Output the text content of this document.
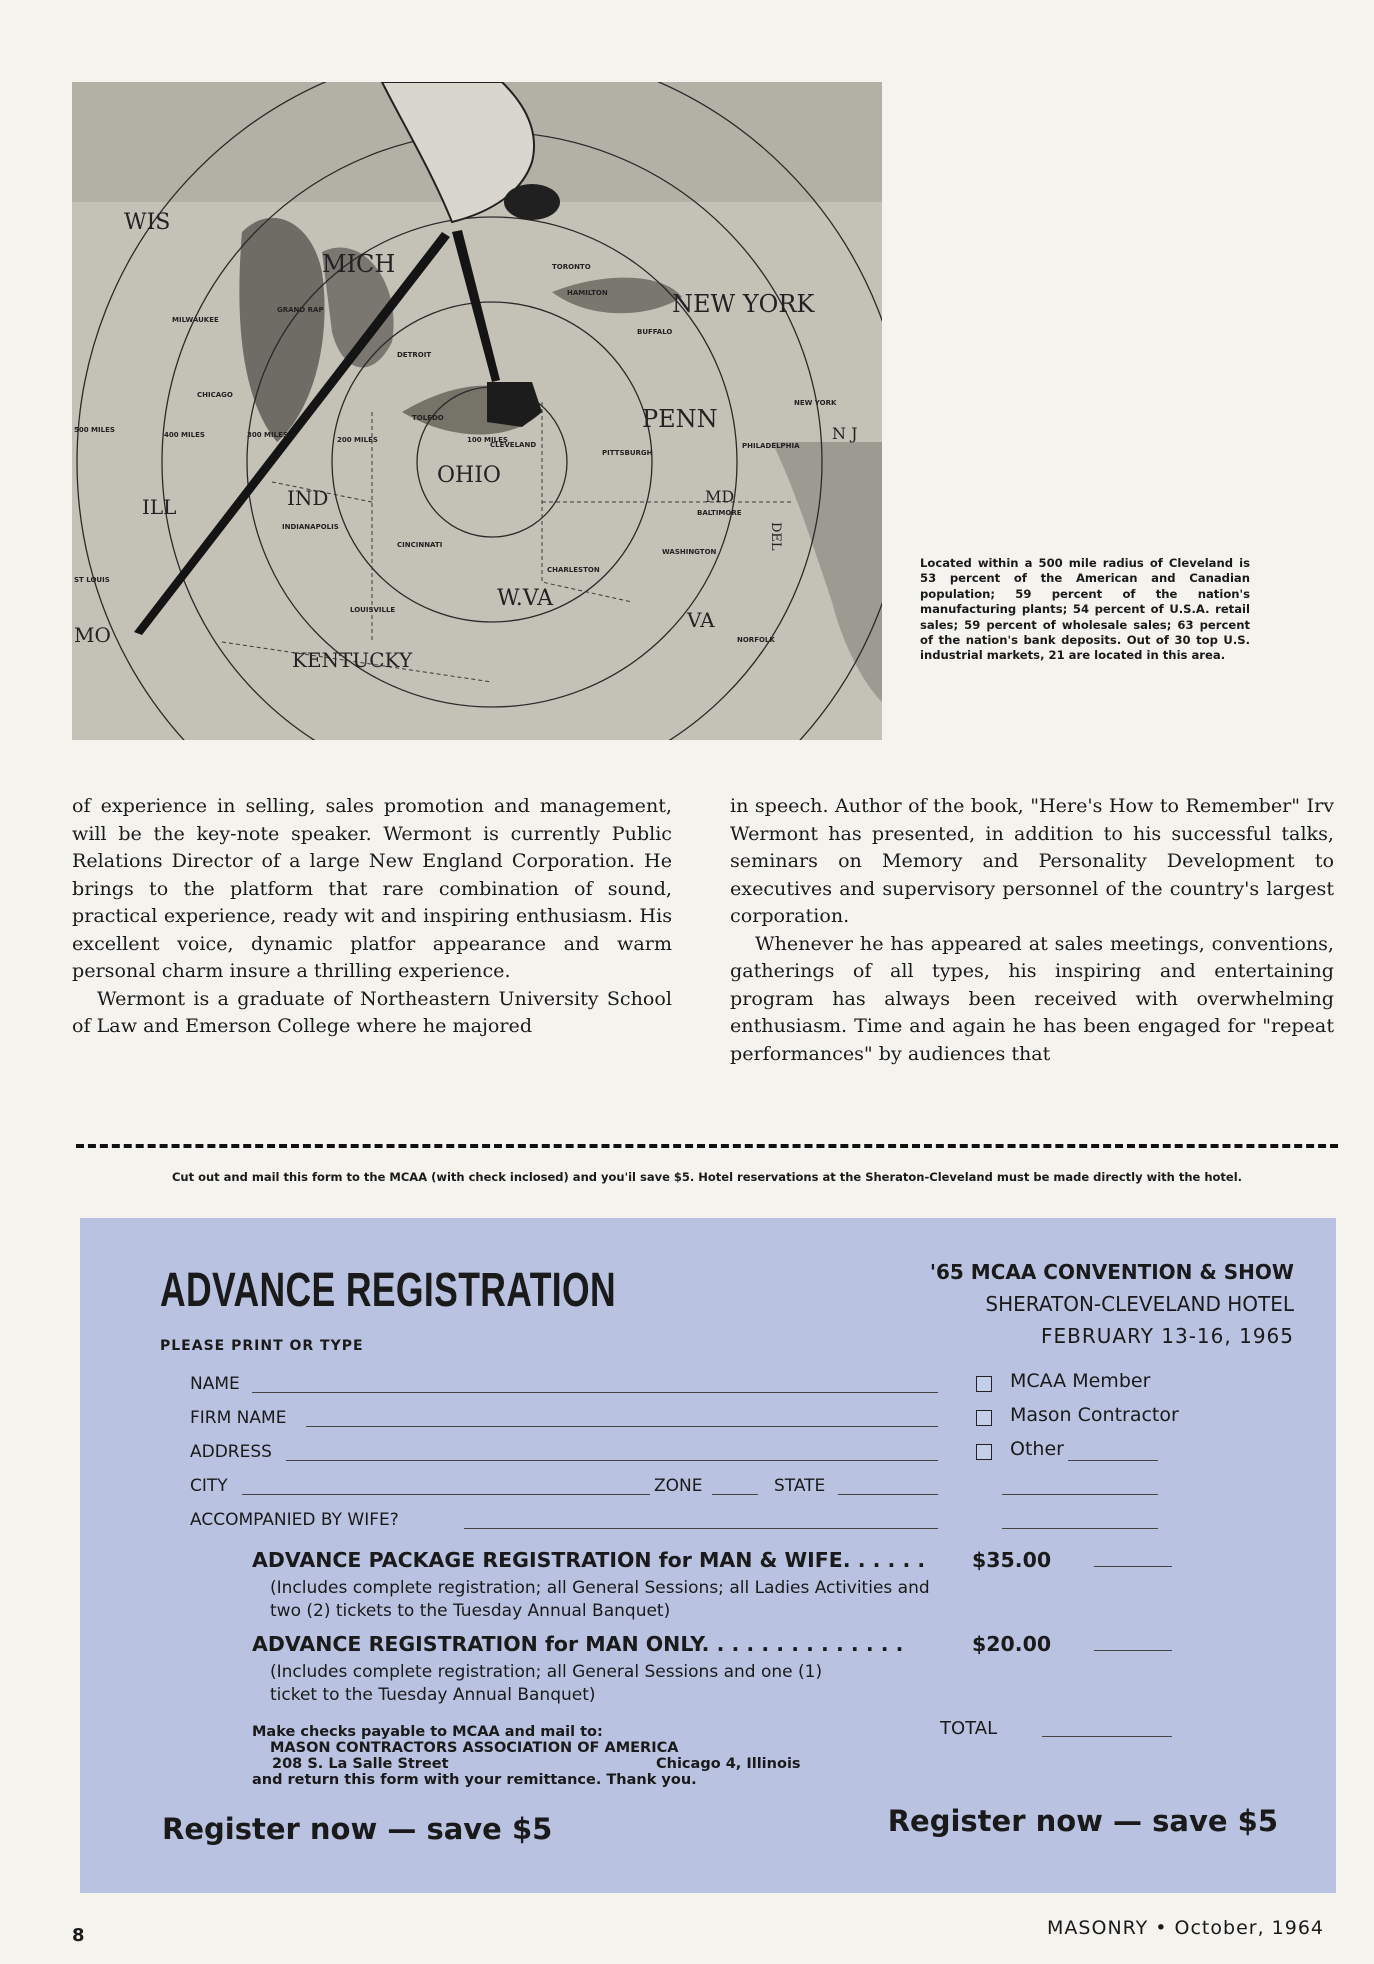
WIS
MICH
NEW YORK
PENN
OHIO
IND
ILL
MO
W.VA
KENTUCKY
VA
MD
N J
DEL
CLEVELAND
PITTSBURGH
PHILADELPHIA
NEW YORK
BALTIMORE
WASHINGTON
NORFOLK
CHARLESTON
CINCINNATI
LOUISVILLE
INDIANAPOLIS
CHICAGO
MILWAUKEE
GRAND RAP
DETROIT
TOLEDO
TORONTO
HAMILTON
BUFFALO
ST LOUIS
100 MILES
200 MILES
300 MILES
400 MILES
500 MILES
Located within a 500 mile radius of Cleveland is 53 percent of the American and Canadian population; 59 percent of the nation's manufacturing plants; 54 percent of U.S.A. retail sales; 59 percent of wholesale sales; 63 percent of the nation's bank deposits. Out of 30 top U.S. industrial markets, 21 are located in this area.

of experience in selling, sales promotion and management, will be the key-note speaker. Wermont is currently Public Relations Director of a large New England Corporation. He brings to the platform that rare combination of sound, practical experience, ready wit and inspiring enthusiasm. His excellent voice, dynamic platfor appearance and warm personal charm insure a thrilling experience.

Wermont is a graduate of Northeastern University School of Law and Emerson College where he majored

in speech. Author of the book, "Here's How to Remember" Irv Wermont has presented, in addition to his successful talks, seminars on Memory and Personality Development to executives and supervisory personnel of the country's largest corporation.

Whenever he has appeared at sales meetings, conventions, gatherings of all types, his inspiring and entertaining program has always been received with overwhelming enthusiasm. Time and again he has been engaged for "repeat performances" by audiences that

Cut out and mail this form to the MCAA (with check inclosed) and you'il save $5. Hotel reservations at the Sheraton-Cleveland must be made directly with the hotel.
ADVANCE REGISTRATION
PLEASE PRINT OR TYPE
'65 MCAA CONVENTION & SHOW
SHERATON-CLEVELAND HOTEL
FEBRUARY 13-16, 1965
NAME
FIRM NAME
ADDRESS
CITY	ZONE	STATE
ACCOMPANIED BY WIFE?
MCAA Member
Mason Contractor
Other
ADVANCE PACKAGE REGISTRATION for MAN & WIFE. . . . . . $35.00
(Includes complete registration; all General Sessions; all Ladies Activities and two (2) tickets to the Tuesday Annual Banquet)
ADVANCE REGISTRATION for MAN ONLY. . . . . . . . . . . . . .	$20.00
(Includes complete registration; all General Sessions and one (1) ticket to the Tuesday Annual Banquet)
TOTAL
Make checks payable to MCAA and mail to:
MASON CONTRACTORS ASSOCIATION OF AMERICA
208 S. La Salle Street	Chicago 4, Illinois
and return this form with your remittance. Thank you.
Register now — save $5	Register now — save $5
8	MASONRY • October, 1964
